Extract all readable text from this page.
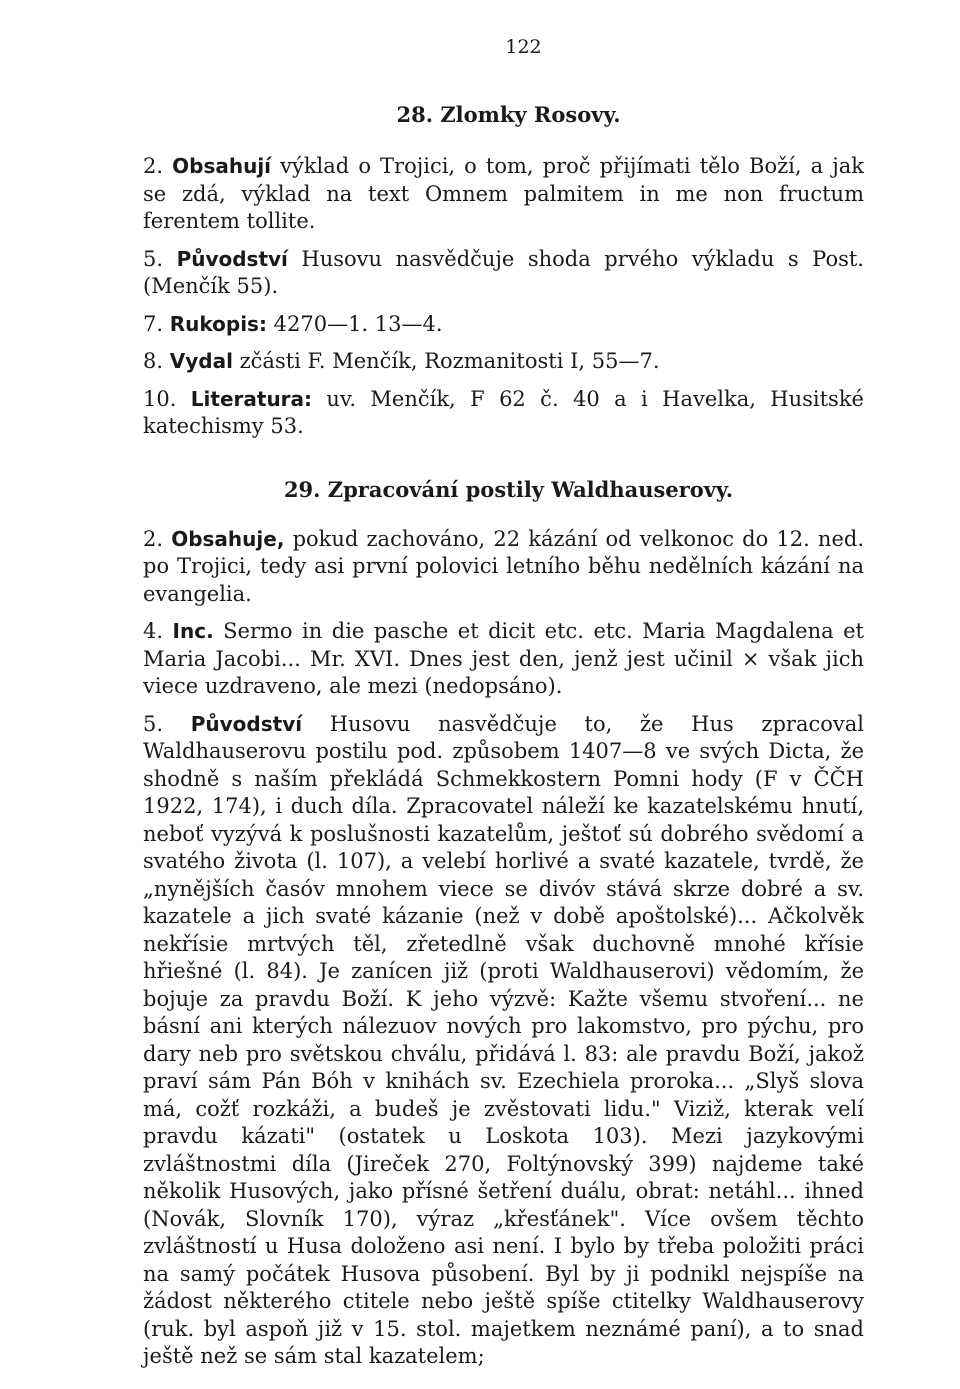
122
28. Zlomky Rosovy.

2. Obsahují výklad o Trojici, o tom, proč přijímati tělo Boží, a jak se zdá, výklad na text Omnem palmitem in me non fructum ferentem tollite.

5. Původství Husovu nasvědčuje shoda prvého výkladu s Post. (Menčík 55).

7. Rukopis: 4270—1. 13—4.

8. Vydal zčásti F. Menčík, Rozmanitosti I, 55—7.

10. Literatura: uv. Menčík, F 62 č. 40 a i Havelka, Husitské katechismy 53.

29. Zpracování postily Waldhauserovy.

2. Obsahuje, pokud zachováno, 22 kázání od velkonoc do 12. ned. po Trojici, tedy asi první polovici letního běhu nedělních kázání na evangelia.

4. Inc. Sermo in die pasche et dicit etc. etc. Maria Magdalena et Maria Jacobi... Mr. XVI. Dnes jest den, jenž jest učinil × však jich viece uzdraveno, ale mezi (nedopsáno).

5. Původství Husovu nasvědčuje to, že Hus zpracoval Waldhauserovu postilu pod. způsobem 1407—8 ve svých Dicta, že shodně s naším překládá Schmekkostern Pomni hody (F v ČČH 1922, 174), i duch díla. Zpracovatel náleží ke kazatelskému hnutí, neboť vyzývá k poslušnosti kazatelům, ještoť sú dobrého svědomí a svatého života (l. 107), a velebí horlivé a svaté kazatele, tvrdě, že „nynějších časóv mnohem viece se divóv stává skrze dobré a sv. kazatele a jich svaté kázanie (než v době apoštolské)... Ačkolvěk nekřísie mrtvých těl, zřetedlně však duchovně mnohé křísie hřiešné (l. 84). Je zanícen již (proti Waldhauserovi) vědomím, že bojuje za pravdu Boží. K jeho výzvě: Kažte všemu stvoření... ne básní ani kterých nálezuov nových pro lakomstvo, pro pýchu, pro dary neb pro světskou chválu, přidává l. 83: ale pravdu Boží, jakož praví sám Pán Bóh v knihách sv. Ezechiela proroka... „Slyš slova má, cožť rozkáži, a budeš je zvěstovati lidu." Viziž, kterak velí pravdu kázati" (ostatek u Loskota 103). Mezi jazykovými zvláštnostmi díla (Jireček 270, Foltýnovský 399) najdeme také několik Husových, jako přísné šetření duálu, obrat: netáhl... ihned (Novák, Slovník 170), výraz „křesťánek". Více ovšem těchto zvláštností u Husa doloženo asi není. I bylo by třeba položiti práci na samý počátek Husova působení. Byl by ji podnikl nejspíše na žádost některého ctitele nebo ještě spíše ctitelky Waldhauserovy (ruk. byl aspoň již v 15. stol. majetkem neznámé paní), a to snad ještě než se sám stal kazatelem;
